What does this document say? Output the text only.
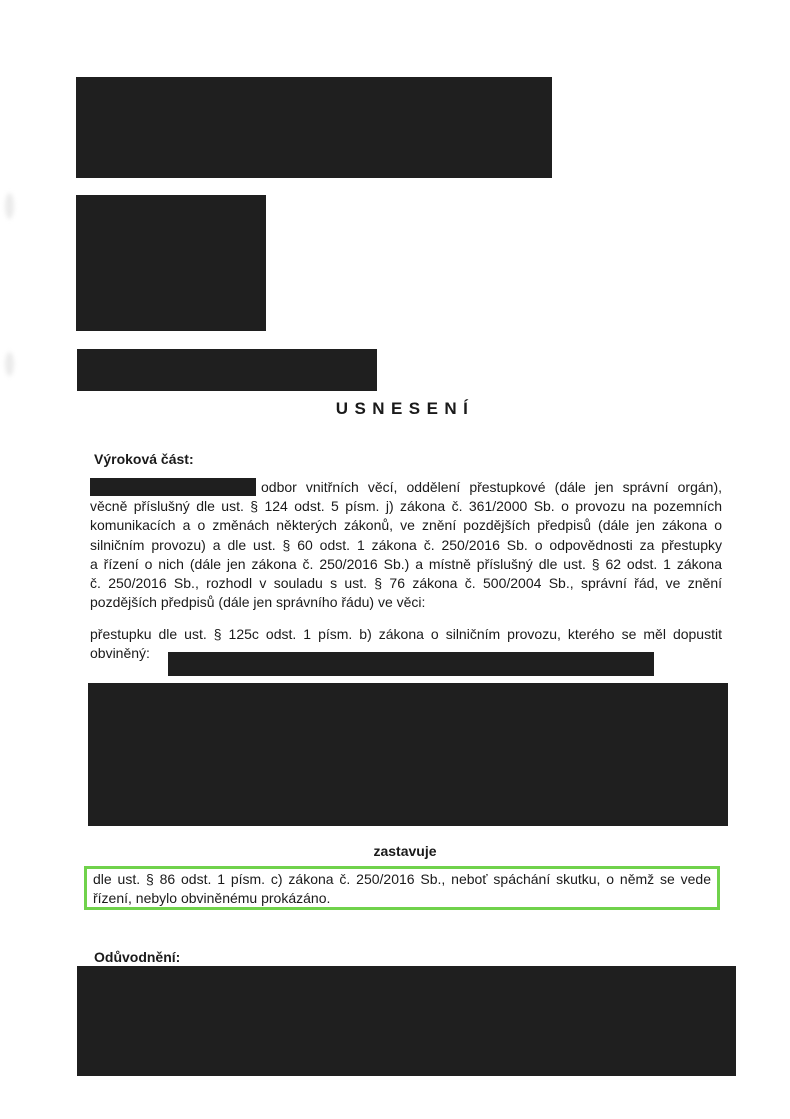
USNESENÍ
Výroková část:
odbor vnitřních věcí, oddělení přestupkové (dále jen správní orgán),
věcně příslušný dle ust. § 124 odst. 5 písm. j) zákona č. 361/2000 Sb. o provozu na pozemních
komunikacích a o změnách některých zákonů, ve znění pozdějších předpisů (dále jen zákona o
silničním provozu) a dle ust. § 60 odst. 1 zákona č. 250/2016 Sb. o odpovědnosti za přestupky
a řízení o nich (dále jen zákona č. 250/2016 Sb.) a místně příslušný dle ust. § 62 odst. 1 zákona
č. 250/2016 Sb., rozhodl v souladu s ust. § 76 zákona č. 500/2004 Sb., správní řád, ve znění
pozdějších předpisů (dále jen správního řádu) ve věci:
přestupku dle ust. § 125c odst. 1 písm. b) zákona o silničním provozu, kterého se měl dopustit
obviněný:
zastavuje
dle ust. § 86 odst. 1 písm. c) zákona č. 250/2016 Sb., neboť spáchání skutku, o němž se vede
řízení, nebylo obviněnému prokázáno.
Odůvodnění:
